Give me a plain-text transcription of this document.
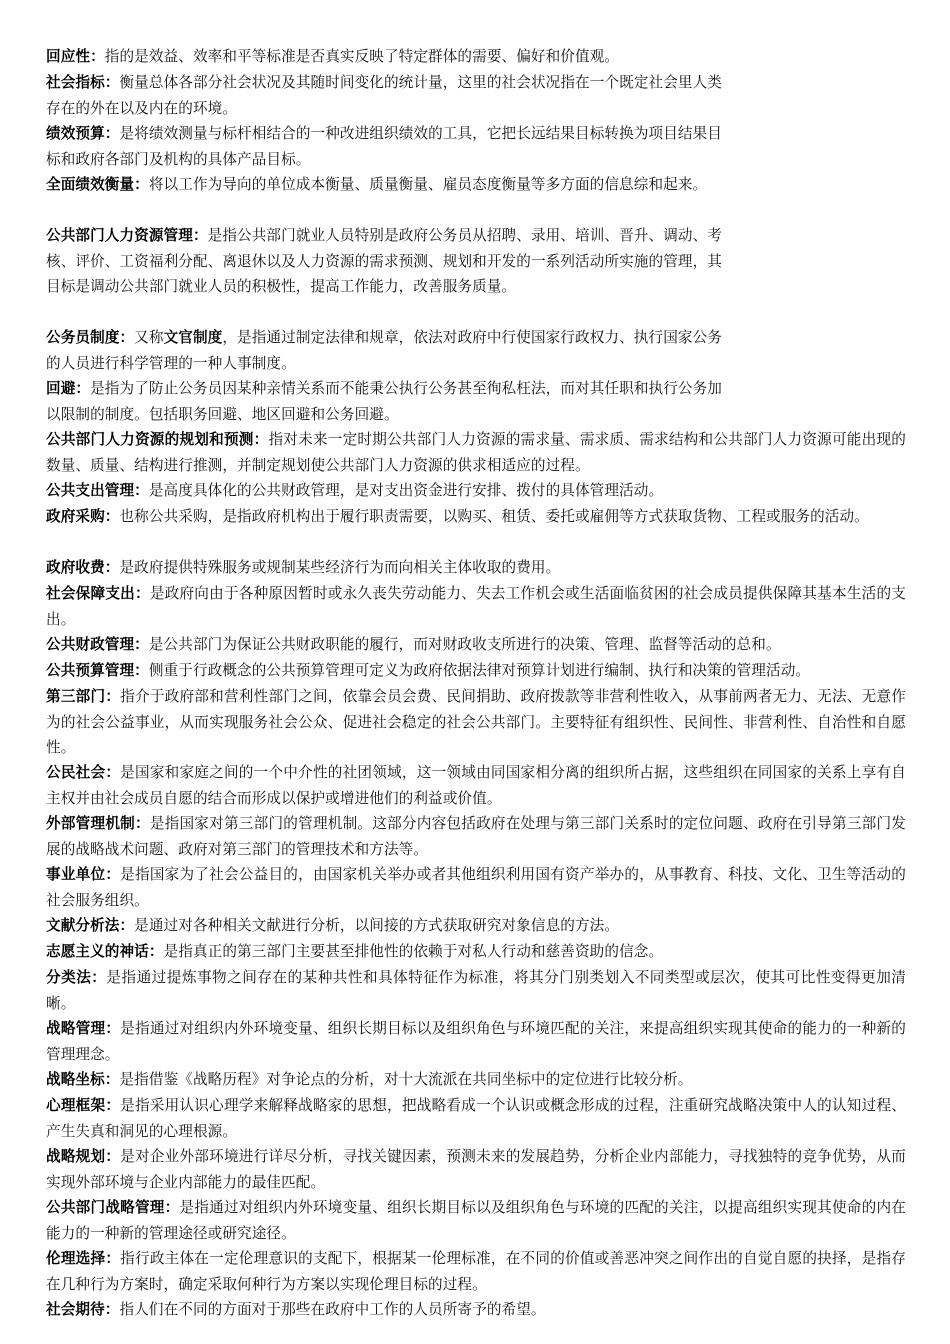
回应性：指的是效益、效率和平等标准是否真实反映了特定群体的需要、偏好和价值观。

社会指标：衡量总体各部分社会状况及其随时间变化的统计量，这里的社会状况指在一个既定社会里人类存在的外在以及内在的环境。

绩效预算：是将绩效测量与标杆相结合的一种改进组织绩效的工具，它把长远结果目标转换为项目结果目标和政府各部门及机构的具体产品目标。

全面绩效衡量：将以工作为导向的单位成本衡量、质量衡量、雇员态度衡量等多方面的信息综和起来。

公共部门人力资源管理：是指公共部门就业人员特别是政府公务员从招聘、录用、培训、晋升、调动、考核、评价、工资福利分配、离退休以及人力资源的需求预测、规划和开发的一系列活动所实施的管理，其目标是调动公共部门就业人员的积极性，提高工作能力，改善服务质量。

公务员制度：又称文官制度，是指通过制定法律和规章，依法对政府中行使国家行政权力、执行国家公务的人员进行科学管理的一种人事制度。

回避：是指为了防止公务员因某种亲情关系而不能秉公执行公务甚至徇私枉法，而对其任职和执行公务加以限制的制度。包括职务回避、地区回避和公务回避。

公共部门人力资源的规划和预测：指对未来一定时期公共部门人力资源的需求量、需求质、需求结构和公共部门人力资源可能出现的数量、质量、结构进行推测，并制定规划使公共部门人力资源的供求相适应的过程。

公共支出管理：是高度具体化的公共财政管理，是对支出资金进行安排、拨付的具体管理活动。

政府采购：也称公共采购，是指政府机构出于履行职责需要，以购买、租赁、委托或雇佣等方式获取货物、工程或服务的活动。

政府收费：是政府提供特殊服务或规制某些经济行为而向相关主体收取的费用。

社会保障支出：是政府向由于各种原因暂时或永久丧失劳动能力、失去工作机会或生活面临贫困的社会成员提供保障其基本生活的支出。

公共财政管理：是公共部门为保证公共财政职能的履行，而对财政收支所进行的决策、管理、监督等活动的总和。

公共预算管理：侧重于行政概念的公共预算管理可定义为政府依据法律对预算计划进行编制、执行和决策的管理活动。

第三部门：指介于政府部和营利性部门之间，依靠会员会费、民间捐助、政府拨款等非营利性收入，从事前两者无力、无法、无意作为的社会公益事业，从而实现服务社会公众、促进社会稳定的社会公共部门。主要特征有组织性、民间性、非营利性、自治性和自愿性。

公民社会：是国家和家庭之间的一个中介性的社团领域，这一领域由同国家相分离的组织所占据，这些组织在同国家的关系上享有自主权并由社会成员自愿的结合而形成以保护或增进他们的利益或价值。

外部管理机制：是指国家对第三部门的管理机制。这部分内容包括政府在处理与第三部门关系时的定位问题、政府在引导第三部门发展的战略战术问题、政府对第三部门的管理技术和方法等。

事业单位：是指国家为了社会公益目的，由国家机关举办或者其他组织利用国有资产举办的，从事教育、科技、文化、卫生等活动的社会服务组织。

文献分析法：是通过对各种相关文献进行分析，以间接的方式获取研究对象信息的方法。

志愿主义的神话：是指真正的第三部门主要甚至排他性的依赖于对私人行动和慈善资助的信念。

分类法：是指通过提炼事物之间存在的某种共性和具体特征作为标准，将其分门别类划入不同类型或层次，使其可比性变得更加清晰。

战略管理：是指通过对组织内外环境变量、组织长期目标以及组织角色与环境匹配的关注，来提高组织实现其使命的能力的一种新的管理理念。

战略坐标：是指借鉴《战略历程》对争论点的分析，对十大流派在共同坐标中的定位进行比较分析。

心理框架：是指采用认识心理学来解释战略家的思想，把战略看成一个认识或概念形成的过程，注重研究战略决策中人的认知过程、产生失真和洞见的心理根源。

战略规划：是对企业外部环境进行详尽分析，寻找关键因素，预测未来的发展趋势，分析企业内部能力，寻找独特的竞争优势，从而实现外部环境与企业内部能力的最佳匹配。

公共部门战略管理：是指通过对组织内外环境变量、组织长期目标以及组织角色与环境的匹配的关注，以提高组织实现其使命的内在能力的一种新的管理途径或研究途径。

伦理选择：指行政主体在一定伦理意识的支配下，根据某一伦理标准，在不同的价值或善恶冲突之间作出的自觉自愿的抉择，是指存在几种行为方案时，确定采取何种行为方案以实现伦理目标的过程。

社会期待：指人们在不同的方面对于那些在政府中工作的人员所寄予的希望。
